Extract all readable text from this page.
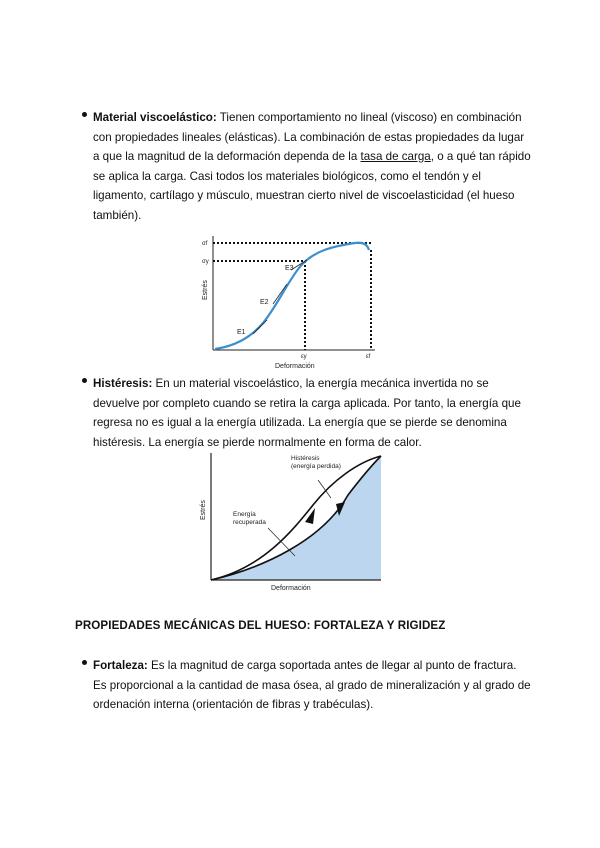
Material viscoelástico: Tienen comportamiento no lineal (viscoso) en combinación con propiedades lineales (elásticas). La combinación de estas propiedades da lugar a que la magnitud de la deformación dependa de la tasa de carga, o a qué tan rápido se aplica la carga. Casi todos los materiales biológicos, como el tendón y el ligamento, cartílago y músculo, muestran cierto nivel de viscoelasticidad (el hueso también).

σf
σy
εy	εf
E1
E2
E3
Deformación
Estrés

Histéresis: En un material viscoelástico, la energía mecánica invertida no se devuelve por completo cuando se retira la carga aplicada. Por tanto, la energía que regresa no es igual a la energía utilizada. La energía que se pierde se denomina histéresis. La energía se pierde normalmente en forma de calor.

Histéresis
(energía perdida)
Energía
recuperada
Deformación
Estrés
PROPIEDADES MECÁNICAS DEL HUESO: FORTALEZA Y RIGIDEZ

Fortaleza: Es la magnitud de carga soportada antes de llegar al punto de fractura. Es proporcional a la cantidad de masa ósea, al grado de mineralización y al grado de ordenación interna (orientación de fibras y trabéculas).
